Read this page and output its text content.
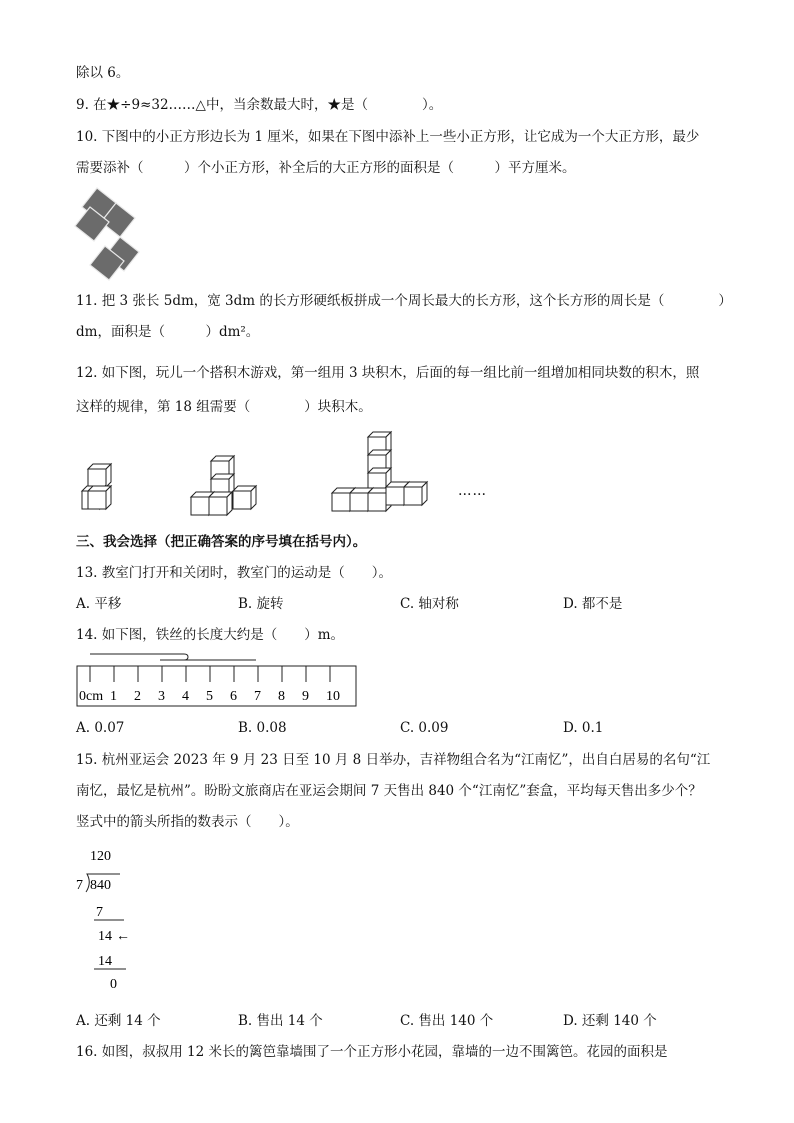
除以 6。
9. 在★÷9≈32……△中，当余数最大时，★是（　　　　）。
10. 下图中的小正方形边长为 1 厘米，如果在下图中添补上一些小正方形，让它成为一个大正方形，最少
需要添补（　　　）个小正方形，补全后的大正方形的面积是（　　　）平方厘米。
11. 把 3 张长 5dm，宽 3dm 的长方形硬纸板拼成一个周长最大的长方形，这个长方形的周长是（　　　　）
dm，面积是（　　　）dm²。
12. 如下图，玩儿一个搭积木游戏，第一组用 3 块积木，后面的每一组比前一组增加相同块数的积木，照
这样的规律，第 18 组需要（　　　　）块积木。
……
三、我会选择（把正确答案的序号填在括号内）。
13. 教室门打开和关闭时，教室门的运动是（　　）。
A. 平移	B. 旋转	C. 轴对称	D. 都不是
14. 如下图，铁丝的长度大约是（　　）m。
0cm 1 2 3 4 5 6 7 8 9 10
A. 0.07	B. 0.08	C. 0.09	D. 0.1
15. 杭州亚运会 2023 年 9 月 23 日至 10 月 8 日举办，吉祥物组合名为“江南忆”，出自白居易的名句“江
南忆，最忆是杭州”。盼盼文旅商店在亚运会期间 7 天售出 840 个“江南忆”套盒，平均每天售出多少个？
竖式中的箭头所指的数表示（　　）。
120
7 840
7
14 ←
14
0
A. 还剩 14 个	B. 售出 14 个	C. 售出 140 个	D. 还剩 140 个
16. 如图，叔叔用 12 米长的篱笆靠墙围了一个正方形小花园，靠墙的一边不围篱笆。花园的面积是
